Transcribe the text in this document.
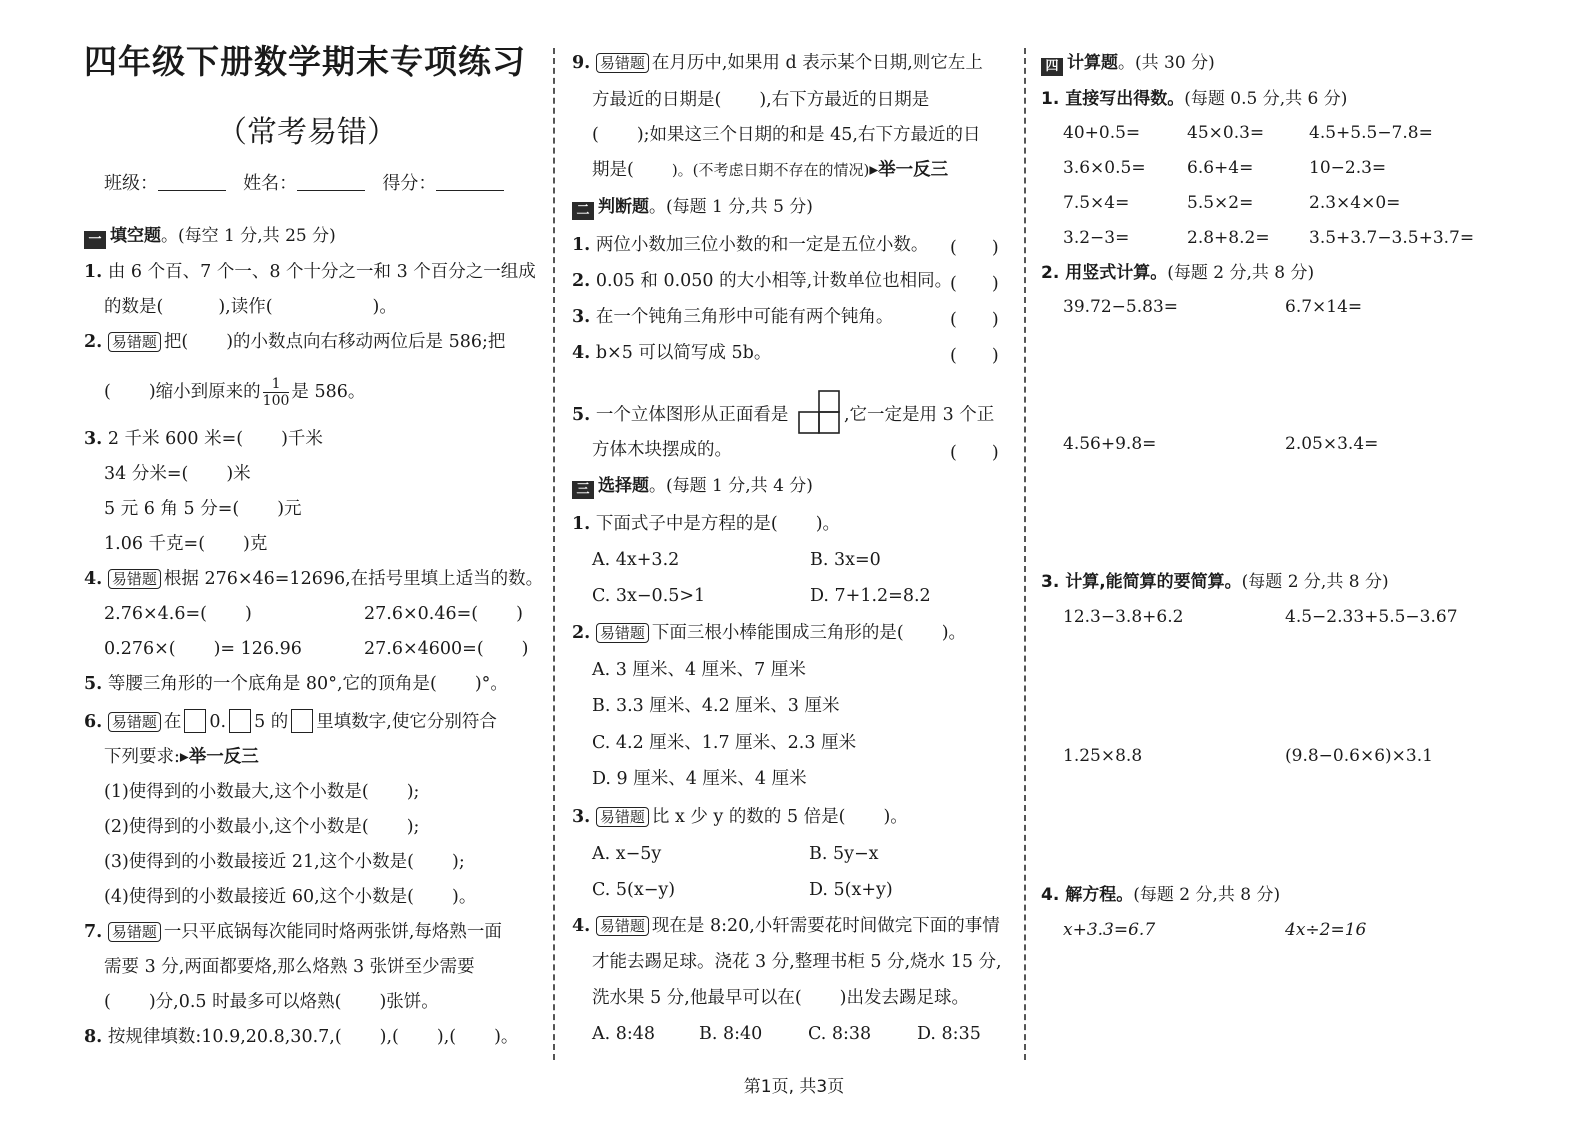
四年级下册数学期末专项练习
（常考易错）
班级：	姓名：	得分：
一 填空题。(每空 1 分,共 25 分)
1. 由 6 个百、7 个一、8 个十分之一和 3 个百分之一组成
的数是(	),读作(	)。
2. 易错题 把( )的小数点向右移动两位后是 586;把
( )缩小到原来的 $\frac{1}{100}$ 是 586。
3. 2 千米 600 米=( )千米
34 分米=( )米
5 元 6 角 5 分=( )元
1.06 千克=( )克
4. 易错题 根据 276×46=12696,在括号里填上适当的数。
2.76×4.6=( )	27.6×0.46=( )
0.276×( )= 126.96	27.6×4600=( )
5. 等腰三角形的一个底角是 80°,它的顶角是( )°。
6. 易错题 在 0. 5 的 里填数字,使它分别符合
下列要求:▸举一反三
(1)使得到的小数最大,这个小数是( );
(2)使得到的小数最小,这个小数是( );
(3)使得到的小数最接近 21,这个小数是( );
(4)使得到的小数最接近 60,这个小数是( )。
7. 易错题 一只平底锅每次能同时烙两张饼,每烙熟一面
需要 3 分,两面都要烙,那么烙熟 3 张饼至少需要
( )分,0.5 时最多可以烙熟( )张饼。
8. 按规律填数:10.9,20.8,30.7,( ),( ),( )。
9. 易错题 在月历中,如果用 d 表示某个日期,则它左上
方最近的日期是( ),右下方最近的日期是
( );如果这三个日期的和是 45,右下方最近的日
期是(	)。(不考虑日期不存在的情况)▸举一反三
二 判断题。(每题 1 分,共 5 分)
1. 两位小数加三位小数的和一定是五位小数。 (　　)
2. 0.05 和 0.050 的大小相等,计数单位也相同。
(　　)
3. 在一个钝角三角形中可能有两个钝角。	(　　)
4. b×5 可以简写成 5b。	(　　)
5. 一个立体图形从正面看是	,它一定是用 3 个正
方体木块摆成的。	(　　)
三 选择题。(每题 1 分,共 4 分)
1. 下面式子中是方程的是( )。
A. 4x+3.2	B. 3x=0
C. 3x−0.5>1	D. 7+1.2=8.2
2. 易错题 下面三根小棒能围成三角形的是( )。
A. 3 厘米、4 厘米、7 厘米
B. 3.3 厘米、4.2 厘米、3 厘米
C. 4.2 厘米、1.7 厘米、2.3 厘米
D. 9 厘米、4 厘米、4 厘米
3. 易错题 比 x 少 y 的数的 5 倍是( )。
A. x−5y	B. 5y−x
C. 5(x−y)	D. 5(x+y)
4. 易错题 现在是 8:20,小轩需要花时间做完下面的事情
才能去踢足球。浇花 3 分,整理书柜 5 分,烧水 15 分,
洗水果 5 分,他最早可以在( )出发去踢足球。
A. 8:48	B. 8:40	C. 8:38	D. 8:35
四 计算题。(共 30 分)
1. 直接写出得数。(每题 0.5 分,共 6 分)
40+0.5=	45×0.3=	4.5+5.5−7.8=
3.6×0.5= 6.6+4=	10−2.3=
7.5×4=	5.5×2=	2.3×4×0=
3.2−3=	2.8+8.2= 3.5+3.7−3.5+3.7=
2. 用竖式计算。(每题 2 分,共 8 分)
39.72−5.83=	6.7×14=
4.56+9.8=	2.05×3.4=
3. 计算,能简算的要简算。(每题 2 分,共 8 分)
12.3−3.8+6.2	4.5−2.33+5.5−3.67
1.25×8.8	(9.8−0.6×6)×3.1
4. 解方程。(每题 2 分,共 8 分)
x+3.3=6.7	4x÷2=16
第1页, 共3页
